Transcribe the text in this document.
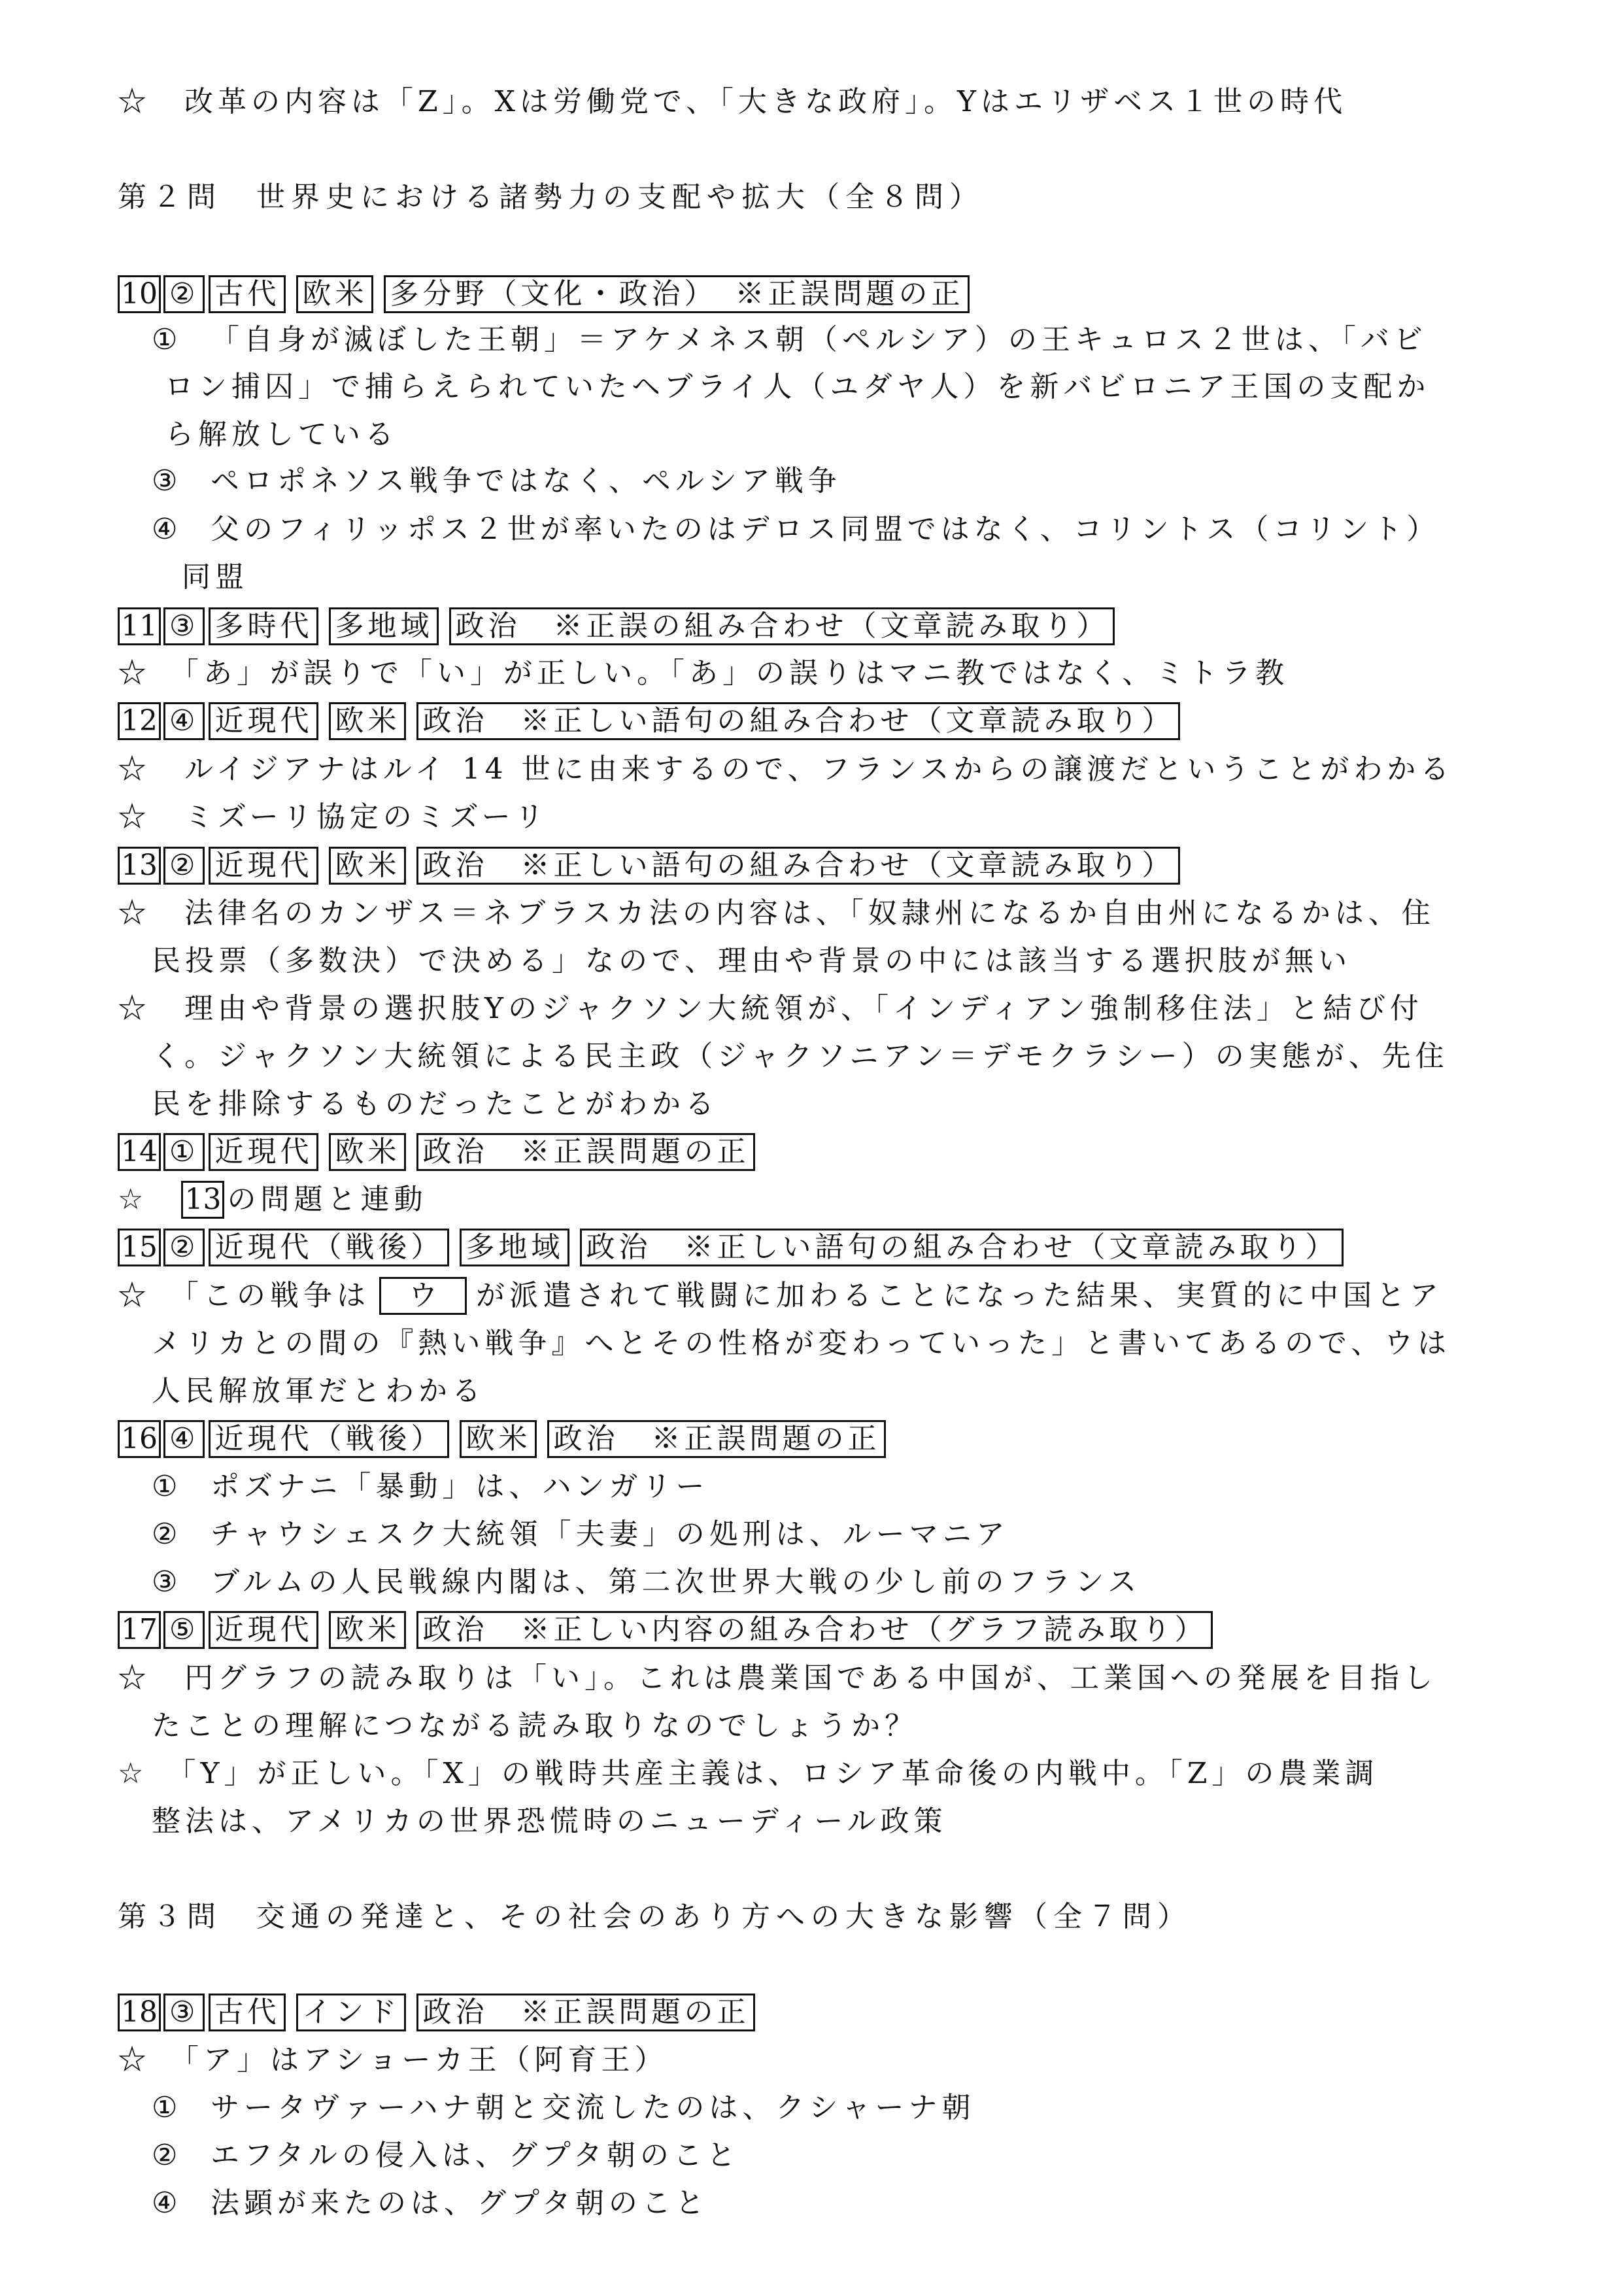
☆　改革の内容は「Z」。Xは労働党で、「大きな政府」。Yはエリザベス１世の時代
第２問　世界史における諸勢力の支配や拡大（全８問）
10 ② 古代 欧米 多分野（文化・政治）　※正誤問題の正
① 「自身が滅ぼした王朝」＝アケメネス朝（ペルシア）の王キュロス２世は、「バビ
ロン捕囚」で捕らえられていたヘブライ人（ユダヤ人）を新バビロニア王国の支配か
ら解放している
③ ペロポネソス戦争ではなく、ペルシア戦争
④ 父のフィリッポス２世が率いたのはデロス同盟ではなく、コリントス（コリント）
同盟
11 ③ 多時代 多地域 政治　※正誤の組み合わせ（文章読み取り）
☆　「あ」が誤りで「い」が正しい。「あ」の誤りはマニ教ではなく、ミトラ教
12 ④ 近現代 欧米 政治　※正しい語句の組み合わせ（文章読み取り）
☆　ルイジアナはルイ 14 世に由来するので、フランスからの譲渡だということがわかる
☆　ミズーリ協定のミズーリ
13 ② 近現代 欧米 政治　※正しい語句の組み合わせ（文章読み取り）
☆　法律名のカンザス＝ネブラスカ法の内容は、「奴隷州になるか自由州になるかは、住
民投票（多数決）で決める」なので、理由や背景の中には該当する選択肢が無い
☆　理由や背景の選択肢Yのジャクソン大統領が、「インディアン強制移住法」と結び付
く。ジャクソン大統領による民主政（ジャクソニアン＝デモクラシー）の実態が、先住
民を排除するものだったことがわかる
14 ① 近現代 欧米 政治　※正誤問題の正
☆　13 の問題と連動
15 ② 近現代（戦後） 多地域 政治　※正しい語句の組み合わせ（文章読み取り）
☆　「この戦争は ウ が派遣されて戦闘に加わることになった結果、実質的に中国とア
メリカとの間の『熱い戦争』へとその性格が変わっていった」と書いてあるので、ウは
人民解放軍だとわかる
16 ④ 近現代（戦後） 欧米 政治　※正誤問題の正
① ポズナニ「暴動」は、ハンガリー
② チャウシェスク大統領「夫妻」の処刑は、ルーマニア
③ ブルムの人民戦線内閣は、第二次世界大戦の少し前のフランス
17 ⑤ 近現代 欧米 政治　※正しい内容の組み合わせ（グラフ読み取り）
☆　円グラフの読み取りは「い」。これは農業国である中国が、工業国への発展を目指し
たことの理解につながる読み取りなのでしょうか？
☆　「Y」が正しい。「X」の戦時共産主義は、ロシア革命後の内戦中。「Z」の農業調
整法は、アメリカの世界恐慌時のニューディール政策
第３問　交通の発達と、その社会のあり方への大きな影響（全７問）
18 ③ 古代 インド 政治　※正誤問題の正
☆　「ア」はアショーカ王（阿育王）
① サータヴァーハナ朝と交流したのは、クシャーナ朝
② エフタルの侵入は、グプタ朝のこと
④ 法顕が来たのは、グプタ朝のこと
